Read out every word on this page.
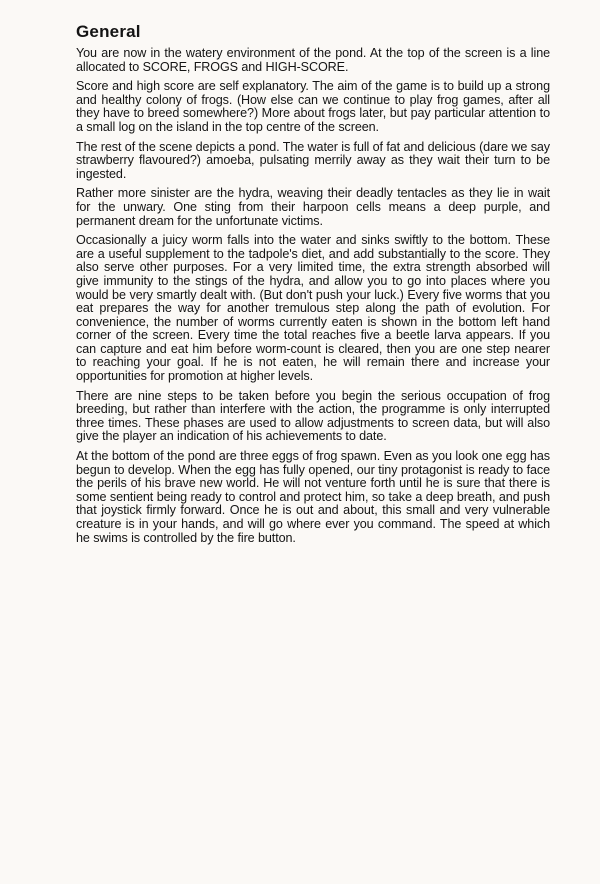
General

You are now in the watery environment of the pond. At the top of the screen is a line allocated to SCORE, FROGS and HIGH-SCORE.

Score and high score are self explanatory. The aim of the game is to build up a strong and healthy colony of frogs. (How else can we continue to play frog games, after all they have to breed somewhere?) More about frogs later, but pay particular attention to a small log on the island in the top centre of the screen.

The rest of the scene depicts a pond. The water is full of fat and delicious (dare we say strawberry flavoured?) amoeba, pulsating merrily away as they wait their turn to be ingested.

Rather more sinister are the hydra, weaving their deadly tentacles as they lie in wait for the unwary. One sting from their harpoon cells means a deep purple, and permanent dream for the unfortunate victims.

Occasionally a juicy worm falls into the water and sinks swiftly to the bottom. These are a useful supplement to the tadpole's diet, and add substantially to the score. They also serve other purposes. For a very limited time, the extra strength absorbed will give immunity to the stings of the hydra, and allow you to go into places where you would be very smartly dealt with. (But don't push your luck.) Every five worms that you eat prepares the way for another tremulous step along the path of evolution. For convenience, the number of worms currently eaten is shown in the bottom left hand corner of the screen. Every time the total reaches five a beetle larva appears. If you can capture and eat him before worm-count is cleared, then you are one step nearer to reaching your goal. If he is not eaten, he will remain there and increase your opportunities for promotion at higher levels.

There are nine steps to be taken before you begin the serious occupation of frog breeding, but rather than interfere with the action, the programme is only interrupted three times. These phases are used to allow adjustments to screen data, but will also give the player an indication of his achievements to date.

At the bottom of the pond are three eggs of frog spawn. Even as you look one egg has begun to develop. When the egg has fully opened, our tiny protagonist is ready to face the perils of his brave new world. He will not venture forth until he is sure that there is some sentient being ready to control and protect him, so take a deep breath, and push that joystick firmly forward. Once he is out and about, this small and very vulnerable creature is in your hands, and will go where ever you command. The speed at which he swims is controlled by the fire button.
